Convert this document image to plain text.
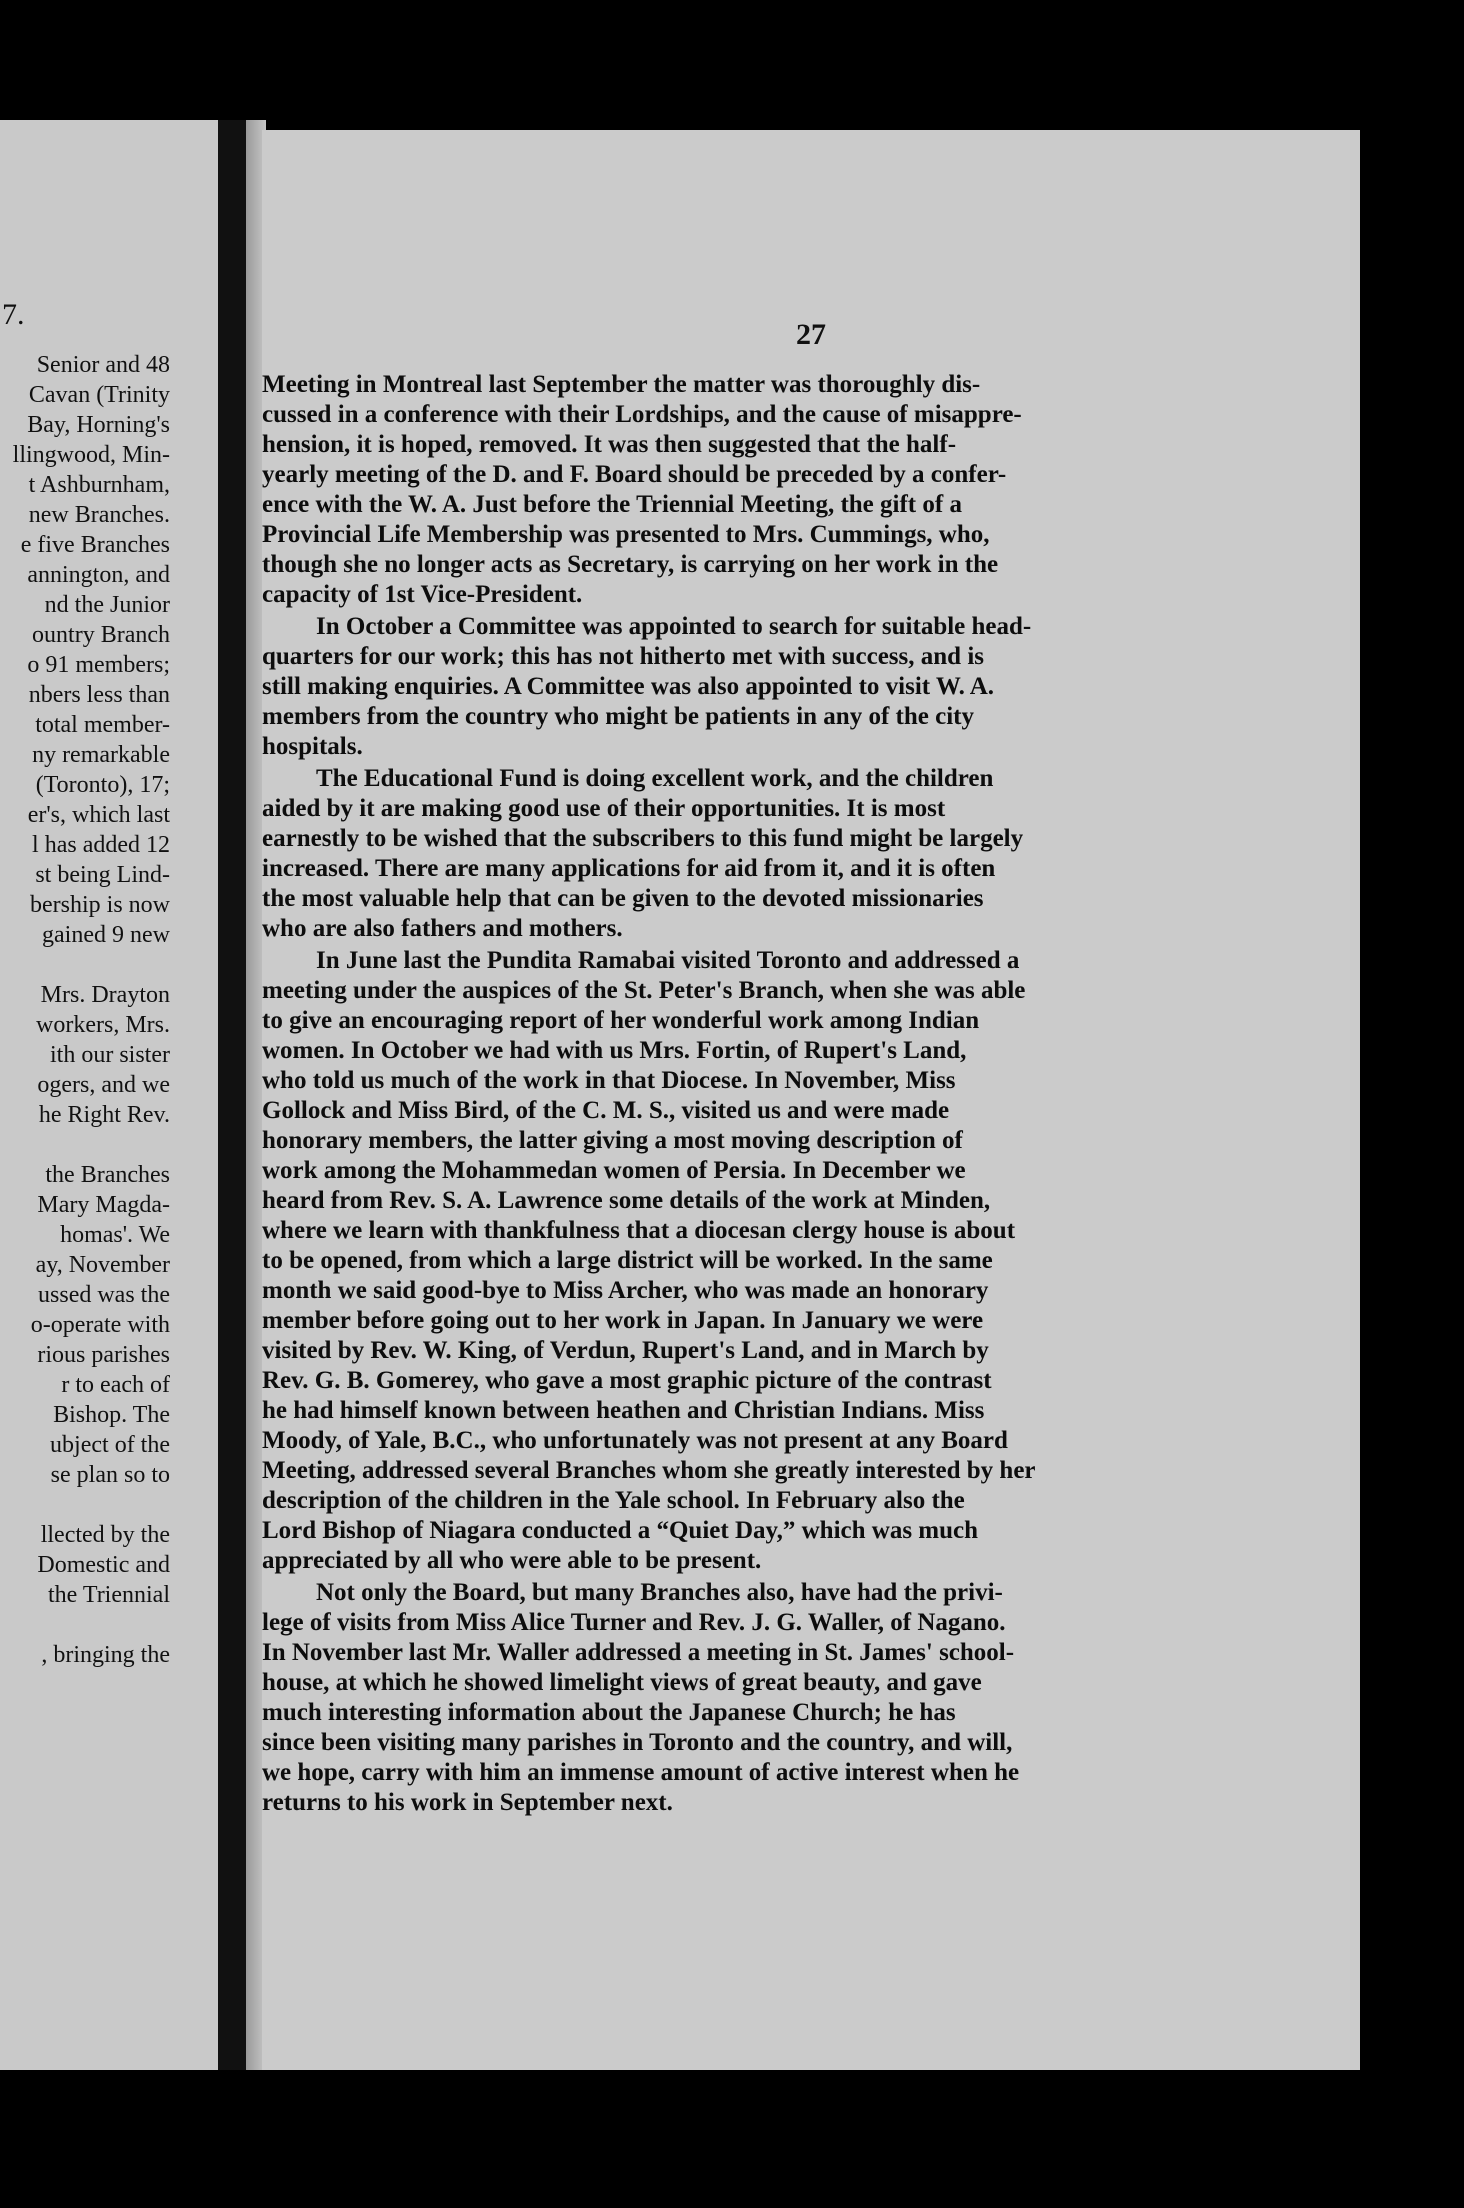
7.
Senior and 48
Cavan (Trinity
Bay, Horning's
llingwood, Min-
t Ashburnham,
new Branches.
e five Branches
annington, and
nd the Junior
ountry Branch
o 91 members;
nbers less than
total member-
ny remarkable
(Toronto), 17;
er's, which last
l has added 12
st being Lind-
bership is now
gained 9 new
Mrs. Drayton
workers, Mrs.
ith our sister
ogers, and we
he Right Rev.
the Branches
Mary Magda-
homas'. We
ay, November
ussed was the
o-operate with
rious parishes
r to each of
Bishop. The
ubject of the
se plan so to
llected by the
Domestic and
the Triennial
, bringing the
27
Meeting in Montreal last September the matter was thoroughly dis-
cussed in a conference with their Lordships, and the cause of misappre-
hension, it is hoped, removed. It was then suggested that the half-
yearly meeting of the D. and F. Board should be preceded by a confer-
ence with the W. A. Just before the Triennial Meeting, the gift of a
Provincial Life Membership was presented to Mrs. Cummings, who,
though she no longer acts as Secretary, is carrying on her work in the
capacity of 1st Vice-President.
In October a Committee was appointed to search for suitable head-
quarters for our work; this has not hitherto met with success, and is
still making enquiries. A Committee was also appointed to visit W. A.
members from the country who might be patients in any of the city
hospitals.
The Educational Fund is doing excellent work, and the children
aided by it are making good use of their opportunities. It is most
earnestly to be wished that the subscribers to this fund might be largely
increased. There are many applications for aid from it, and it is often
the most valuable help that can be given to the devoted missionaries
who are also fathers and mothers.
In June last the Pundita Ramabai visited Toronto and addressed a
meeting under the auspices of the St. Peter's Branch, when she was able
to give an encouraging report of her wonderful work among Indian
women. In October we had with us Mrs. Fortin, of Rupert's Land,
who told us much of the work in that Diocese. In November, Miss
Gollock and Miss Bird, of the C. M. S., visited us and were made
honorary members, the latter giving a most moving description of
work among the Mohammedan women of Persia. In December we
heard from Rev. S. A. Lawrence some details of the work at Minden,
where we learn with thankfulness that a diocesan clergy house is about
to be opened, from which a large district will be worked. In the same
month we said good-bye to Miss Archer, who was made an honorary
member before going out to her work in Japan. In January we were
visited by Rev. W. King, of Verdun, Rupert's Land, and in March by
Rev. G. B. Gomerey, who gave a most graphic picture of the contrast
he had himself known between heathen and Christian Indians. Miss
Moody, of Yale, B.C., who unfortunately was not present at any Board
Meeting, addressed several Branches whom she greatly interested by her
description of the children in the Yale school. In February also the
Lord Bishop of Niagara conducted a “Quiet Day,” which was much
appreciated by all who were able to be present.
Not only the Board, but many Branches also, have had the privi-
lege of visits from Miss Alice Turner and Rev. J. G. Waller, of Nagano.
In November last Mr. Waller addressed a meeting in St. James' school-
house, at which he showed limelight views of great beauty, and gave
much interesting information about the Japanese Church; he has
since been visiting many parishes in Toronto and the country, and will,
we hope, carry with him an immense amount of active interest when he
returns to his work in September next.
